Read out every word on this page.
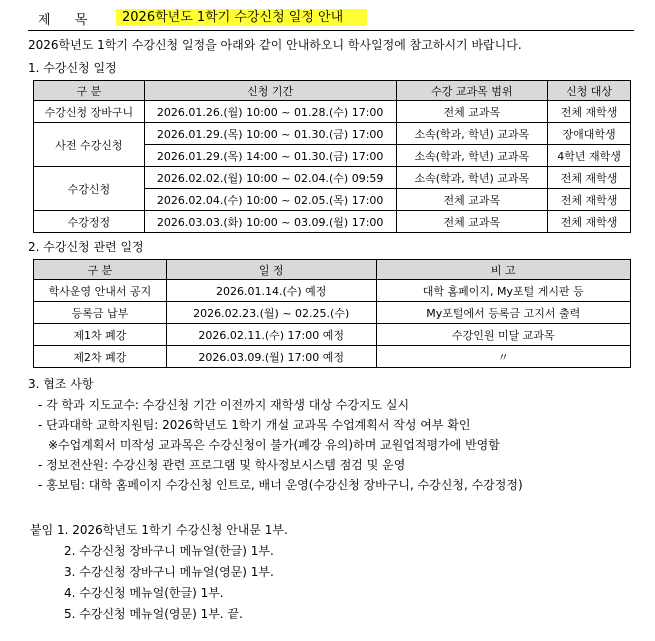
제 목	2026학년도 1학기 수강신청 일정 안내
2026학년도 1학기 수강신청 일정을 아래와 같이 안내하오니 학사일정에 참고하시기 바랍니다.
1. 수강신청 일정
구 분	신청 기간	수강 교과목 범위	신청 대상
수강신청 장바구니	2026.01.26.(월) 10:00 ~ 01.28.(수) 17:00	전체 교과목	전체 재학생
사전 수강신청	2026.01.29.(목) 10:00 ~ 01.30.(금) 17:00	소속(학과, 학년) 교과목	장애대학생
	2026.01.29.(목) 14:00 ~ 01.30.(금) 17:00	소속(학과, 학년) 교과목	4학년 재학생
수강신청	2026.02.02.(월) 10:00 ~ 02.04.(수) 09:59	소속(학과, 학년) 교과목	전체 재학생
	2026.02.04.(수) 10:00 ~ 02.05.(목) 17:00	전체 교과목	전체 재학생
수강정정	2026.03.03.(화) 10:00 ~ 03.09.(월) 17:00	전체 교과목	전체 재학생
2. 수강신청 관련 일정
구 분	일 정	비 고
학사운영 안내서 공지	2026.01.14.(수) 예정	대학 홈페이지, My포털 게시판 등
등록금 납부	2026.02.23.(월) ~ 02.25.(수)	My포털에서 등록금 고지서 출력
제1차 폐강	2026.02.11.(수) 17:00 예정	수강인원 미달 교과목
제2차 폐강	2026.03.09.(월) 17:00 예정	〃
3. 협조 사항
- 각 학과 지도교수: 수강신청 기간 이전까지 재학생 대상 수강지도 실시
- 단과대학 교학지원팀: 2026학년도 1학기 개설 교과목 수업계획서 작성 여부 확인
※수업계획서 미작성 교과목은 수강신청이 불가(폐강 유의)하며 교원업적평가에 반영함
- 정보전산원: 수강신청 관련 프로그램 및 학사정보시스템 점검 및 운영
- 홍보팀: 대학 홈페이지 수강신청 인트로, 배너 운영(수강신청 장바구니, 수강신청, 수강정정)
붙임 1. 2026학년도 1학기 수강신청 안내문 1부.
2. 수강신청 장바구니 메뉴얼(한글) 1부.
3. 수강신청 장바구니 메뉴얼(영문) 1부.
4. 수강신청 메뉴얼(한글) 1부.
5. 수강신청 메뉴얼(영문) 1부. 끝.
